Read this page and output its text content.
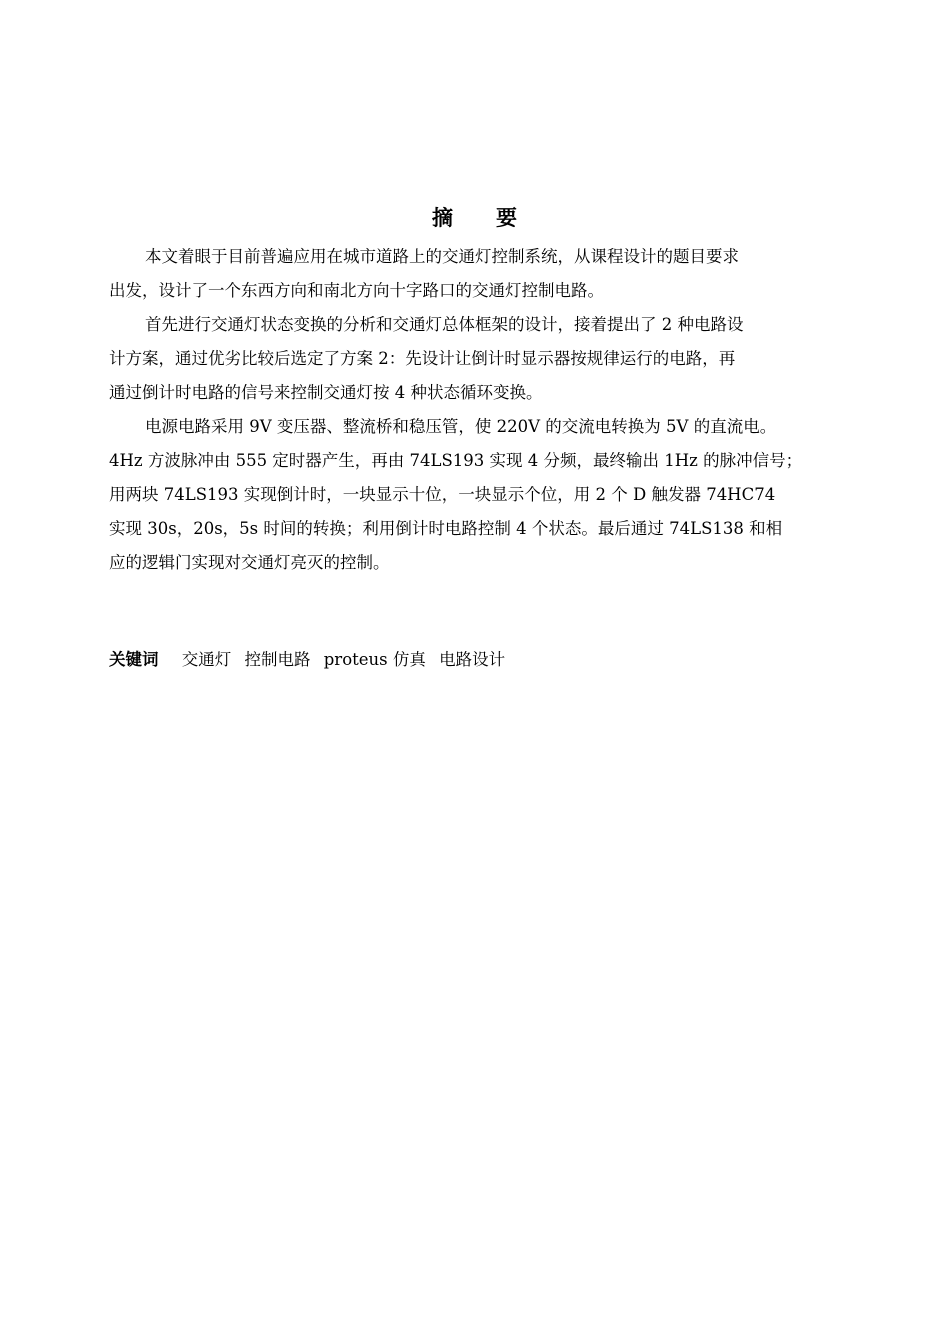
摘 要

本文着眼于目前普遍应用在城市道路上的交通灯控制系统，从课程设计的题目要求
出发，设计了一个东西方向和南北方向十字路口的交通灯控制电路。

首先进行交通灯状态变换的分析和交通灯总体框架的设计，接着提出了 2 种电路设
计方案，通过优劣比较后选定了方案 2：先设计让倒计时显示器按规律运行的电路，再
通过倒计时电路的信号来控制交通灯按 4 种状态循环变换。

电源电路采用 9V 变压器、整流桥和稳压管，使 220V 的交流电转换为 5V 的直流电。
4Hz 方波脉冲由 555 定时器产生，再由 74LS193 实现 4 分频，最终输出 1Hz 的脉冲信号；
用两块 74LS193 实现倒计时，一块显示十位，一块显示个位，用 2 个 D 触发器 74HC74
实现 30s，20s，5s 时间的转换；利用倒计时电路控制 4 个状态。最后通过 74LS138 和相
应的逻辑门实现对交通灯亮灭的控制。

关键词 交通灯 控制电路 proteus 仿真 电路设计
